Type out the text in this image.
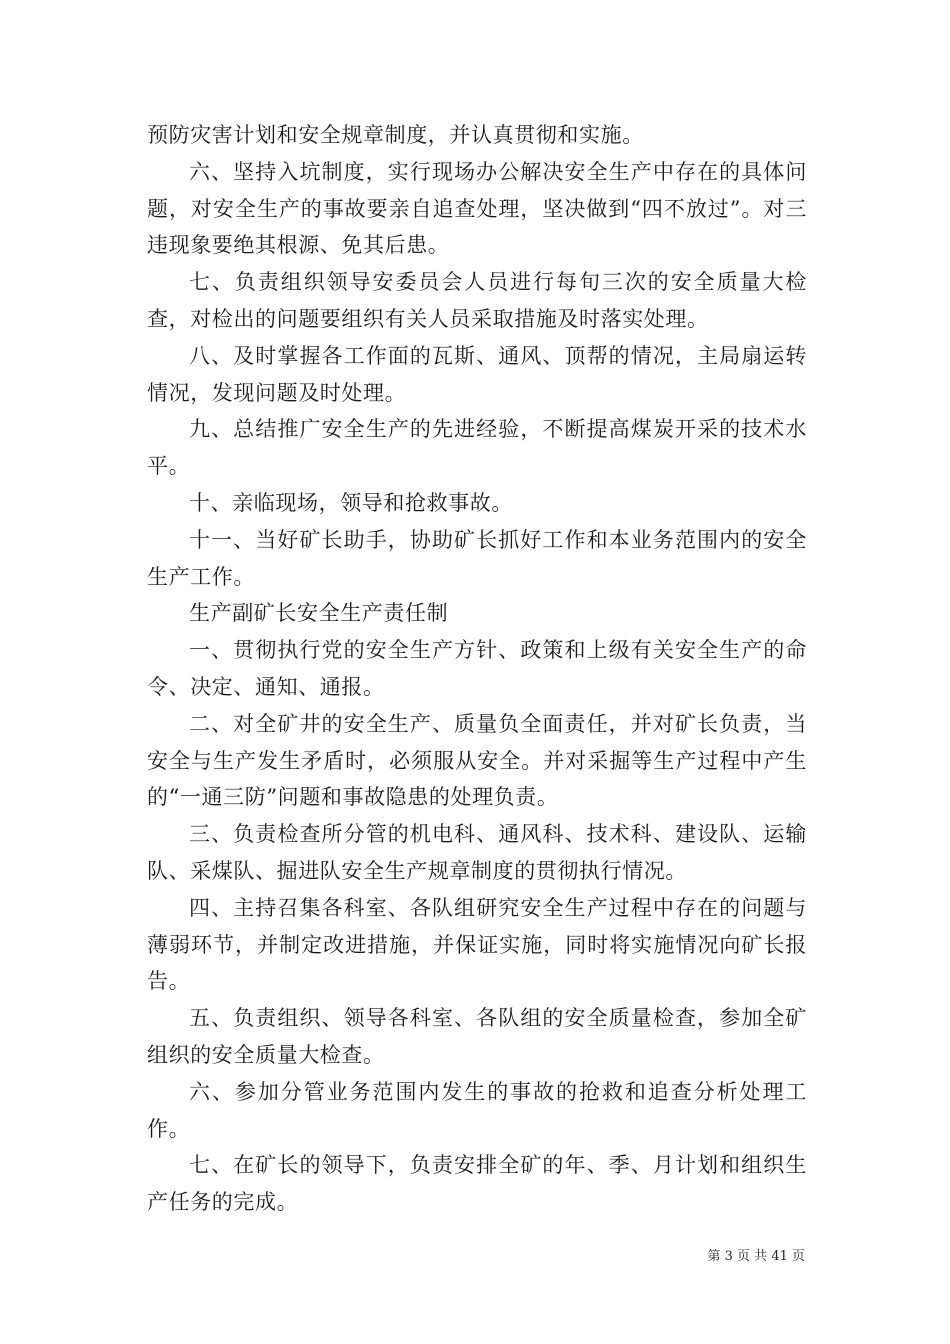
预防灾害计划和安全规章制度，并认真贯彻和实施。

六、坚持入坑制度，实行现场办公解决安全生产中存在的具体问题，对安全生产的事故要亲自追查处理，坚决做到“四不放过”。对三违现象要绝其根源、免其后患。

七、负责组织领导安委员会人员进行每旬三次的安全质量大检查，对检出的问题要组织有关人员采取措施及时落实处理。

八、及时掌握各工作面的瓦斯、通风、顶帮的情况，主局扇运转情况，发现问题及时处理。

九、总结推广安全生产的先进经验，不断提高煤炭开采的技术水平。

十、亲临现场，领导和抢救事故。

十一、当好矿长助手，协助矿长抓好工作和本业务范围内的安全生产工作。

生产副矿长安全生产责任制

一、贯彻执行党的安全生产方针、政策和上级有关安全生产的命令、决定、通知、通报。

二、对全矿井的安全生产、质量负全面责任，并对矿长负责，当安全与生产发生矛盾时，必须服从安全。并对采掘等生产过程中产生的“一通三防”问题和事故隐患的处理负责。

三、负责检查所分管的机电科、通风科、技术科、建设队、运输队、采煤队、掘进队安全生产规章制度的贯彻执行情况。

四、主持召集各科室、各队组研究安全生产过程中存在的问题与薄弱环节，并制定改进措施，并保证实施，同时将实施情况向矿长报告。

五、负责组织、领导各科室、各队组的安全质量检查，参加全矿组织的安全质量大检查。

六、参加分管业务范围内发生的事故的抢救和追查分析处理工作。

七、在矿长的领导下，负责安排全矿的年、季、月计划和组织生产任务的完成。

第 3 页 共 41 页
